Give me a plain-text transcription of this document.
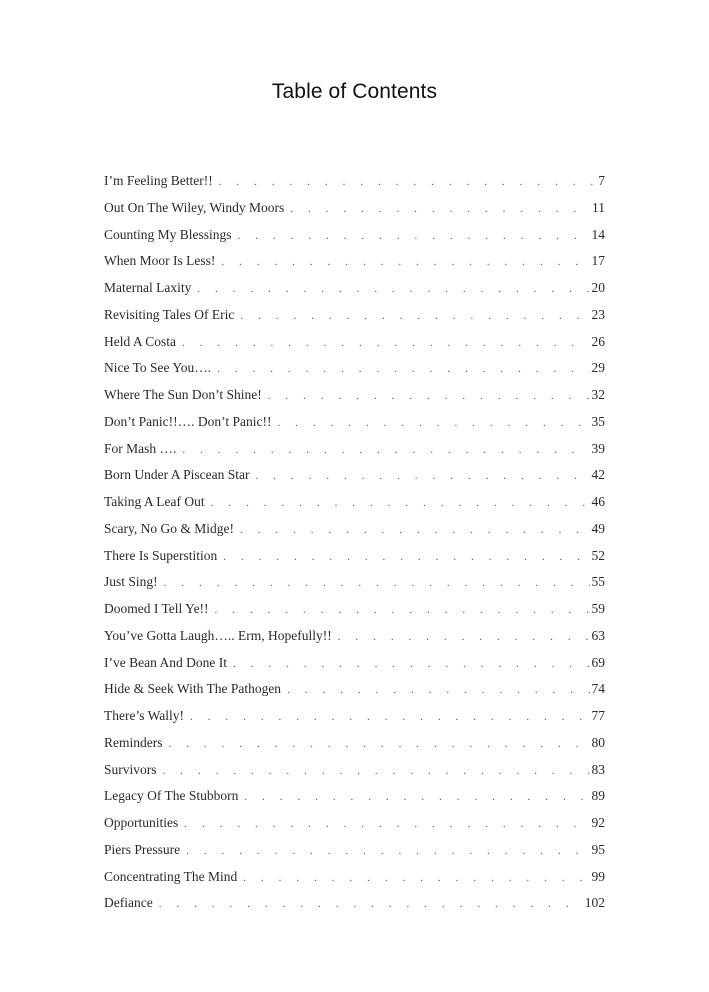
Table of Contents
I’m Feeling Better!! . . .	7
Out On The Wiley, Windy Moors . . .	11
Counting My Blessings . . .	14
When Moor Is Less! . . .	17
Maternal Laxity . . .	20
Revisiting Tales Of Eric . . .	23
Held A Costa . . .	26
Nice To See You…. . . .	29
Where The Sun Don’t Shine! . . .	32
Don’t Panic!!…. Don’t Panic!! . . .	35
For Mash …. . . .	39
Born Under A Piscean Star . . .	42
Taking A Leaf Out . . .	46
Scary, No Go & Midge! . . .	49
There Is Superstition . . .	52
Just Sing! . . .	55
Doomed I Tell Ye!! . . .	59
You’ve Gotta Laugh….. Erm, Hopefully!! . . .	63
I’ve Bean And Done It . . .	69
Hide & Seek With The Pathogen . . .	74
There’s Wally! . . .	77
Reminders . . .	80
Survivors . . .	83
Legacy Of The Stubborn . . .	89
Opportunities . . .	92
Piers Pressure . . .	95
Concentrating The Mind . . .	99
Defiance . . .	102
